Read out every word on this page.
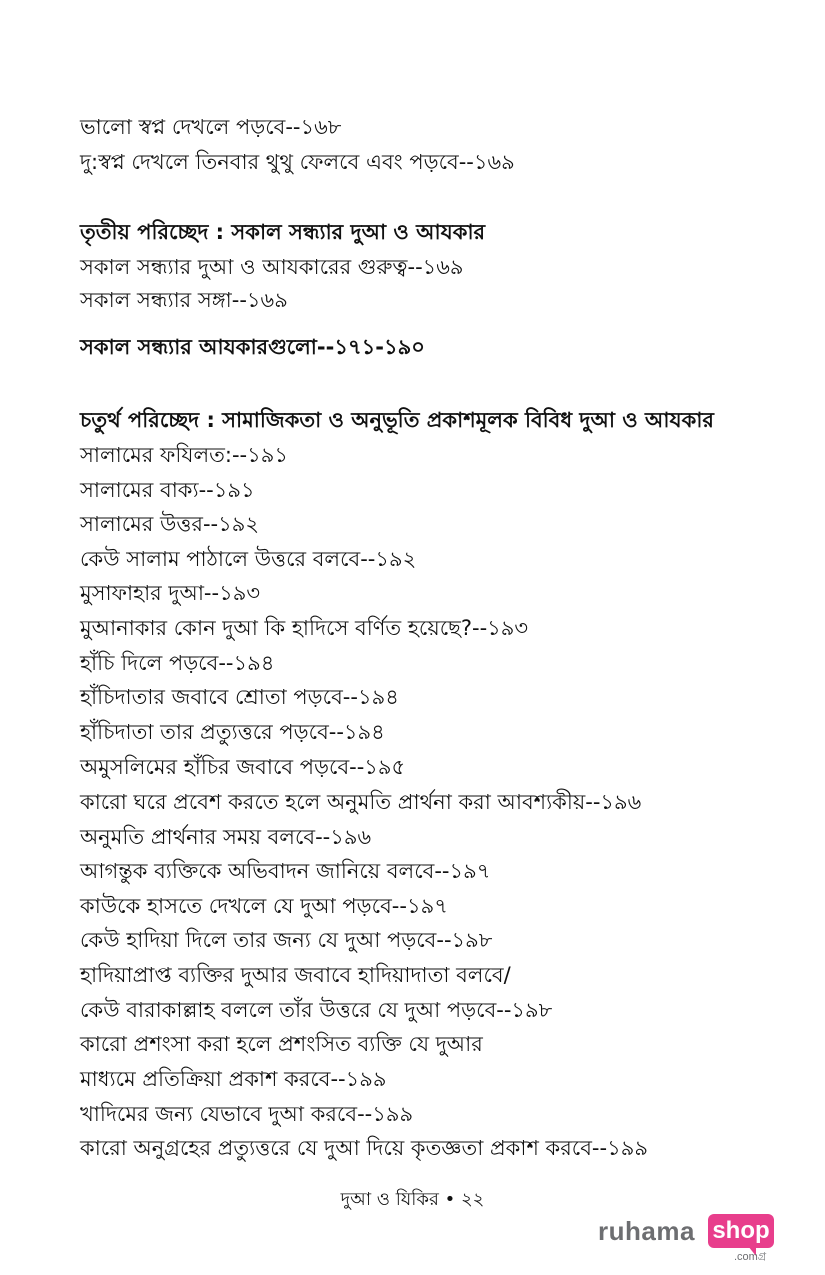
ভালো স্বপ্ন দেখলে পড়বে--১৬৮
দু:স্বপ্ন দেখলে তিনবার থুথু ফেলবে এবং পড়বে--১৬৯
তৃতীয় পরিচ্ছেদ : সকাল সন্ধ্যার দুআ ও আযকার
সকাল সন্ধ্যার দুআ ও আযকারের গুরুত্ব--১৬৯
সকাল সন্ধ্যার সঙ্গা--১৬৯
সকাল সন্ধ্যার আযকারগুলো--১৭১-১৯০
চতুর্থ পরিচ্ছেদ : সামাজিকতা ও অনুভূতি প্রকাশমূলক বিবিধ দুআ ও আযকার
সালামের ফযিলত:--১৯১
সালামের বাক্য--১৯১
সালামের উত্তর--১৯২
কেউ সালাম পাঠালে উত্তরে বলবে--১৯২
মুসাফাহার দুআ--১৯৩
মুআনাকার কোন দুআ কি হাদিসে বর্ণিত হয়েছে?--১৯৩
হাঁচি দিলে পড়বে--১৯৪
হাঁচিদাতার জবাবে শ্রোতা পড়বে--১৯৪
হাঁচিদাতা তার প্রত্যুত্তরে পড়বে--১৯৪
অমুসলিমের হাঁচির জবাবে পড়বে--১৯৫
কারো ঘরে প্রবেশ করতে হলে অনুমতি প্রার্থনা করা আবশ্যকীয়--১৯৬
অনুমতি প্রার্থনার সময় বলবে--১৯৬
আগন্তুক ব্যক্তিকে অভিবাদন জানিয়ে বলবে--১৯৭
কাউকে হাসতে দেখলে যে দুআ পড়বে--১৯৭
কেউ হাদিয়া দিলে তার জন্য যে দুআ পড়বে--১৯৮
হাদিয়াপ্রাপ্ত ব্যক্তির দুআর জবাবে হাদিয়াদাতা বলবে/
কেউ বারাকাল্লাহ বললে তাঁর উত্তরে যে দুআ পড়বে--১৯৮
কারো প্রশংসা করা হলে প্রশংসিত ব্যক্তি যে দুআর
মাধ্যমে প্রতিক্রিয়া প্রকাশ করবে--১৯৯
খাদিমের জন্য যেভাবে দুআ করবে--১৯৯
কারো অনুগ্রহের প্রত্যুত্তরে যে দুআ দিয়ে কৃতজ্ঞতা প্রকাশ করবে--১৯৯
দুআ ও যিকির • ২২
ruhama shop
.comগ্র
